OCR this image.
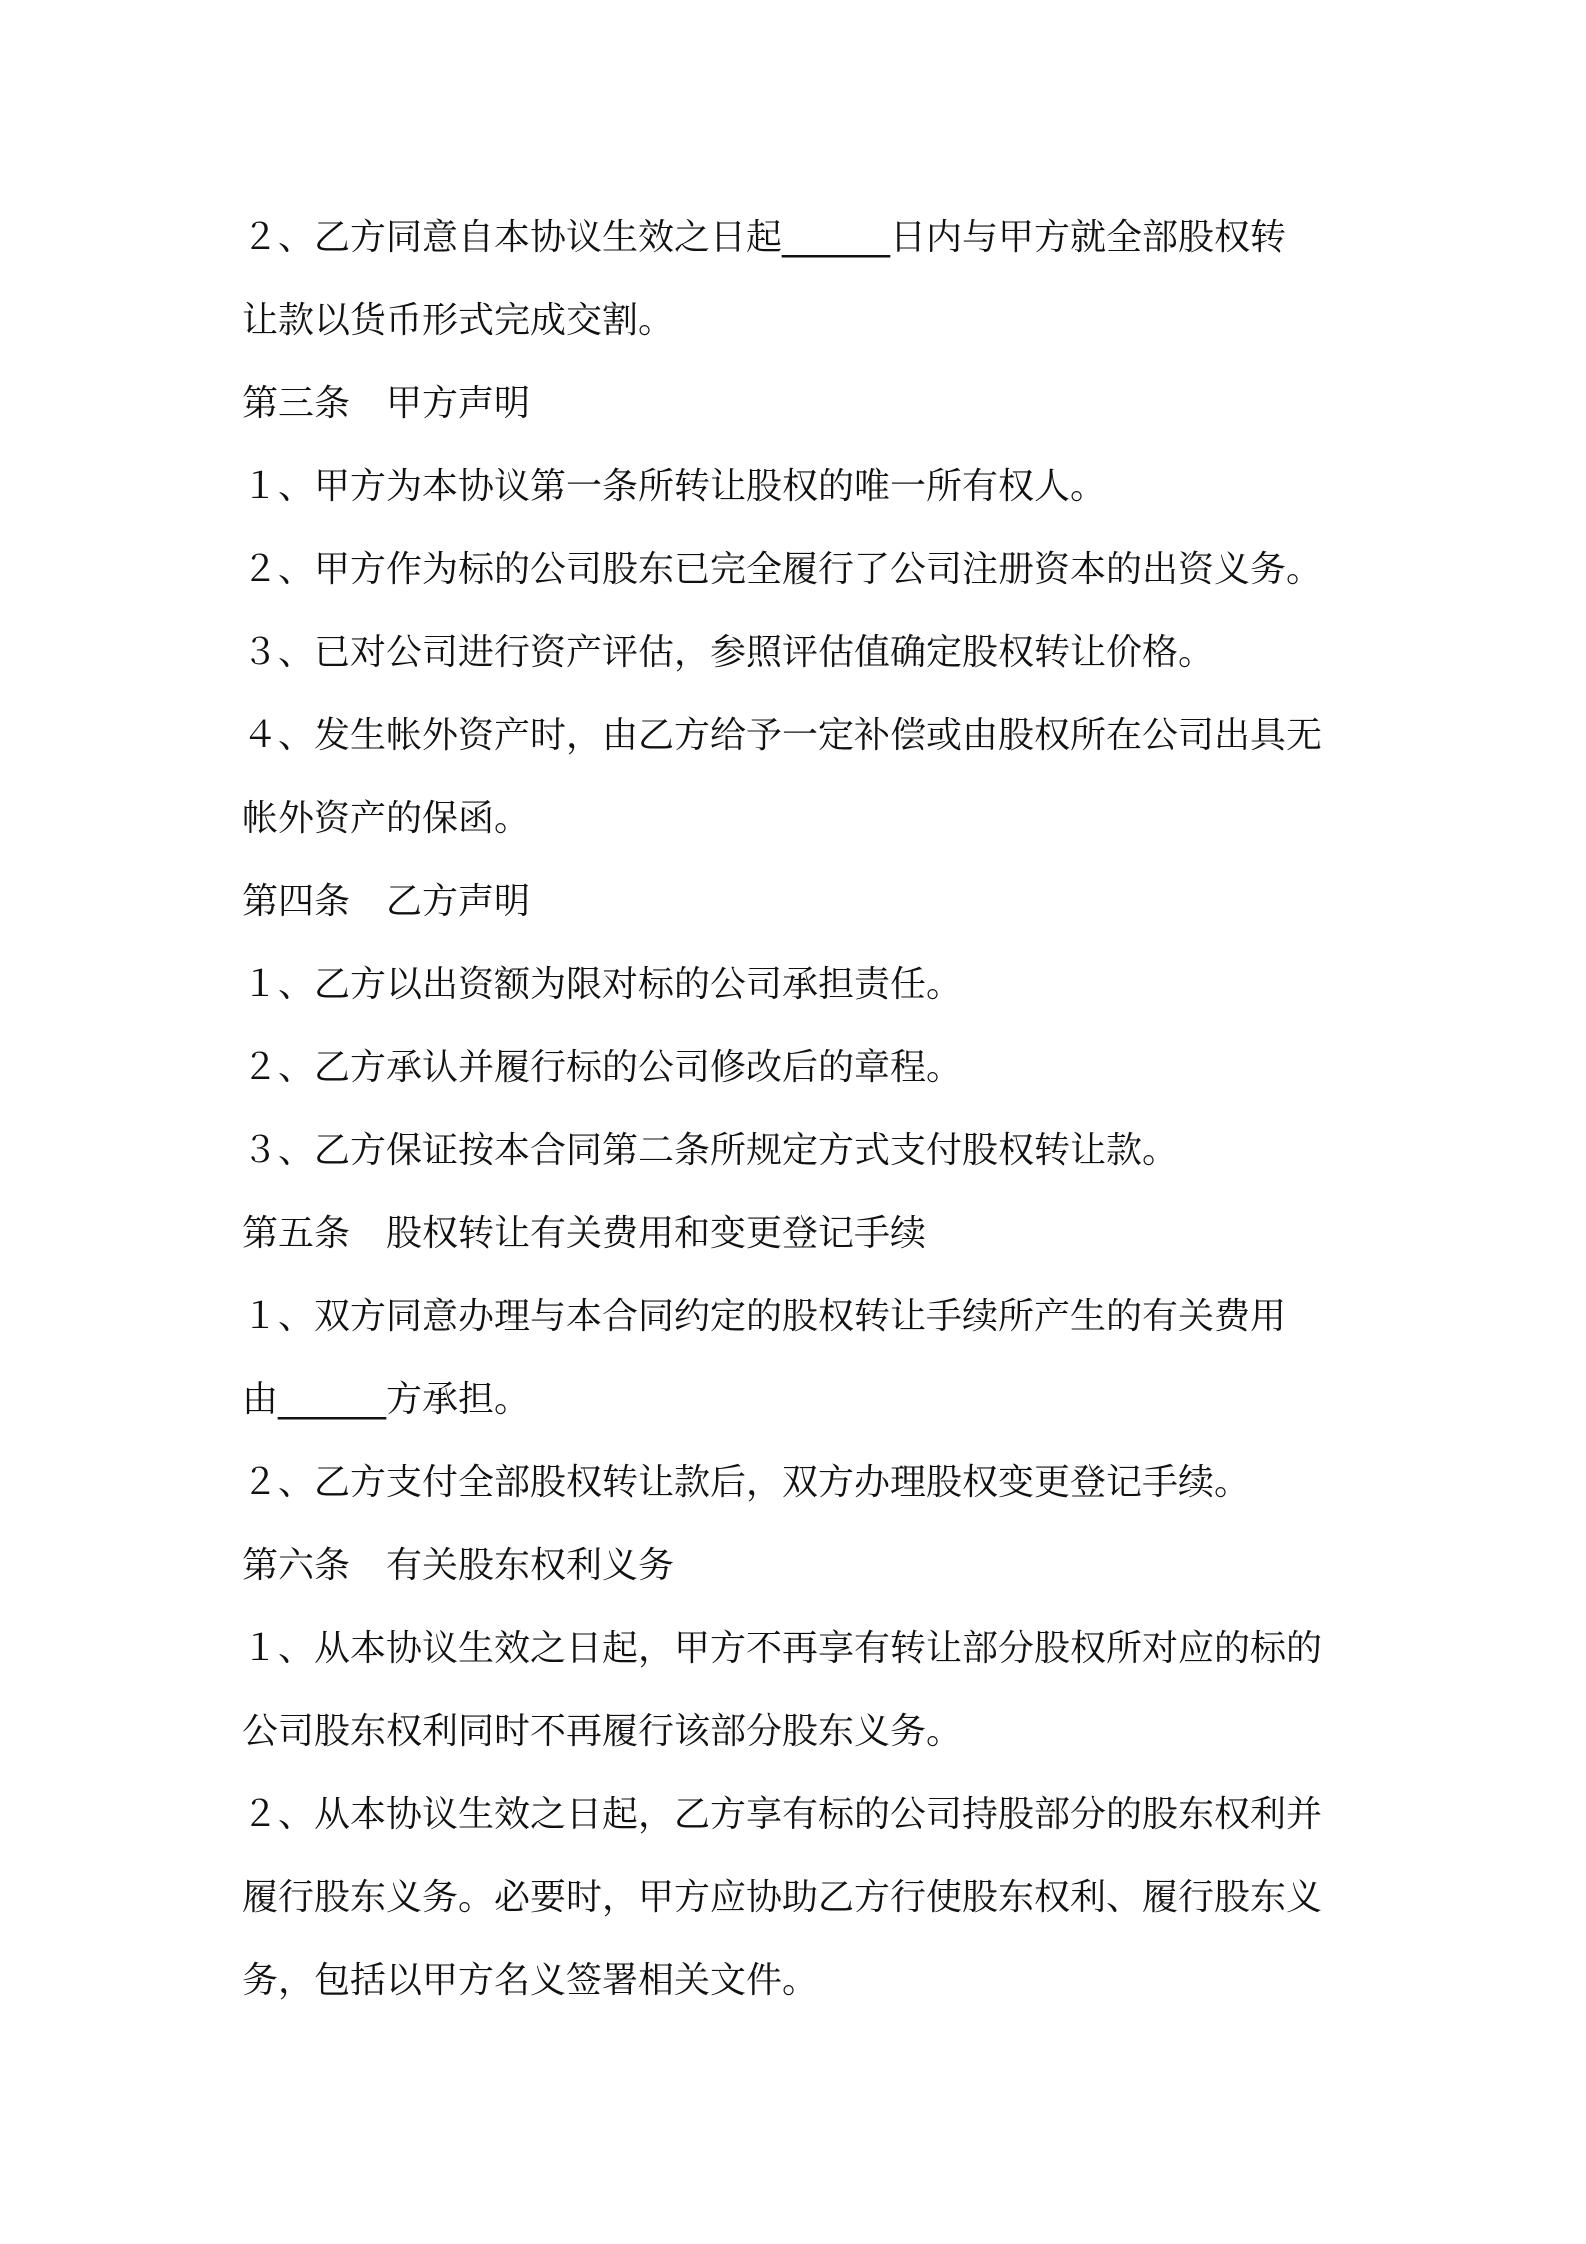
２、乙方同意自本协议生效之日起______日内与甲方就全部股权转

让款以货币形式完成交割。

第三条　甲方声明

１、甲方为本协议第一条所转让股权的唯一所有权人。

２、甲方作为标的公司股东已完全履行了公司注册资本的出资义务。

３、已对公司进行资产评估，参照评估值确定股权转让价格。

４、发生帐外资产时，由乙方给予一定补偿或由股权所在公司出具无

帐外资产的保函。

第四条　乙方声明

１、乙方以出资额为限对标的公司承担责任。

２、乙方承认并履行标的公司修改后的章程。

３、乙方保证按本合同第二条所规定方式支付股权转让款。

第五条　股权转让有关费用和变更登记手续

１、双方同意办理与本合同约定的股权转让手续所产生的有关费用

由______方承担。

２、乙方支付全部股权转让款后，双方办理股权变更登记手续。

第六条　有关股东权利义务

１、从本协议生效之日起，甲方不再享有转让部分股权所对应的标的

公司股东权利同时不再履行该部分股东义务。

２、从本协议生效之日起，乙方享有标的公司持股部分的股东权利并

履行股东义务。必要时，甲方应协助乙方行使股东权利、履行股东义

务，包括以甲方名义签署相关文件。
